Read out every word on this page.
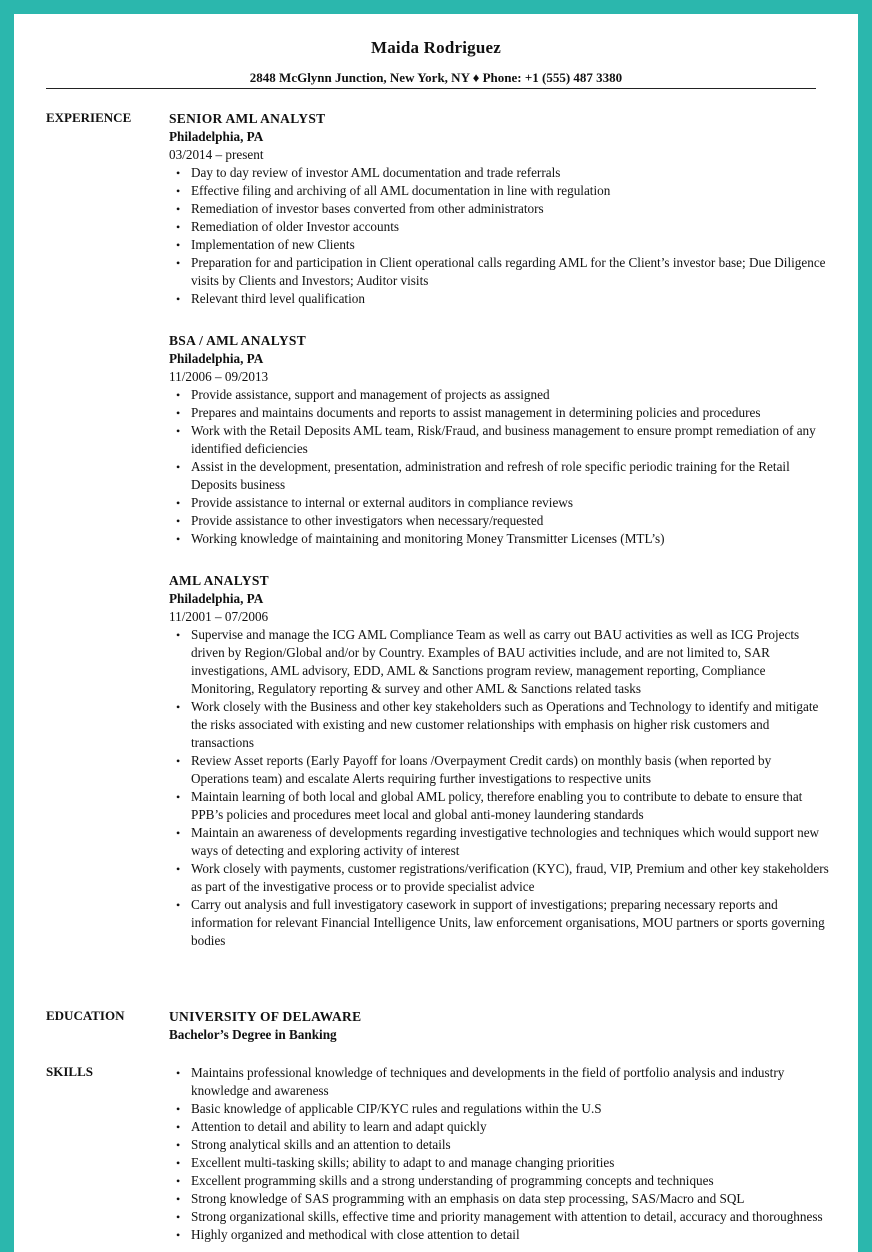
Maida Rodriguez
2848 McGlynn Junction, New York, NY ♦ Phone: +1 (555) 487 3380
EXPERIENCE	SENIOR AML ANALYST
Philadelphia, PA
03/2014 – present
• Day to day review of investor AML documentation and trade referrals
• Effective filing and archiving of all AML documentation in line with regulation
• Remediation of investor bases converted from other administrators
• Remediation of older Investor accounts
• Implementation of new Clients
• Preparation for and participation in Client operational calls regarding AML for the Client’s investor base; Due Diligence visits by Clients and Investors; Auditor visits
• Relevant third level qualification
BSA / AML ANALYST
Philadelphia, PA
11/2006 – 09/2013
• Provide assistance, support and management of projects as assigned
• Prepares and maintains documents and reports to assist management in determining policies and procedures
• Work with the Retail Deposits AML team, Risk/Fraud, and business management to ensure prompt remediation of any identified deficiencies
• Assist in the development, presentation, administration and refresh of role specific periodic training for the Retail Deposits business
• Provide assistance to internal or external auditors in compliance reviews
• Provide assistance to other investigators when necessary/requested
• Working knowledge of maintaining and monitoring Money Transmitter Licenses (MTL’s)
AML ANALYST
Philadelphia, PA
11/2001 – 07/2006
• Supervise and manage the ICG AML Compliance Team as well as carry out BAU activities as well as ICG Projects driven by Region/Global and/or by Country. Examples of BAU activities include, and are not limited to, SAR investigations, AML advisory, EDD, AML & Sanctions program review, management reporting, Compliance Monitoring, Regulatory reporting & survey and other AML & Sanctions related tasks
• Work closely with the Business and other key stakeholders such as Operations and Technology to identify and mitigate the risks associated with existing and new customer relationships with emphasis on higher risk customers and transactions
• Review Asset reports (Early Payoff for loans /Overpayment Credit cards) on monthly basis (when reported by Operations team) and escalate Alerts requiring further investigations to respective units
• Maintain learning of both local and global AML policy, therefore enabling you to contribute to debate to ensure that PPB’s policies and procedures meet local and global anti-money laundering standards
• Maintain an awareness of developments regarding investigative technologies and techniques which would support new ways of detecting and exploring activity of interest
• Work closely with payments, customer registrations/verification (KYC), fraud, VIP, Premium and other key stakeholders as part of the investigative process or to provide specialist advice
• Carry out analysis and full investigatory casework in support of investigations; preparing necessary reports and information for relevant Financial Intelligence Units, law enforcement organisations, MOU partners or sports governing bodies
EDUCATION	UNIVERSITY OF DELAWARE
Bachelor’s Degree in Banking
SKILLS
•	Maintains professional knowledge of techniques and developments in the field of portfolio analysis and industry knowledge and awareness
• Basic knowledge of applicable CIP/KYC rules and regulations within the U.S
• Attention to detail and ability to learn and adapt quickly
• Strong analytical skills and an attention to details
• Excellent multi-tasking skills; ability to adapt to and manage changing priorities
• Excellent programming skills and a strong understanding of programming concepts and techniques
• Strong knowledge of SAS programming with an emphasis on data step processing, SAS/Macro and SQL
• Strong organizational skills, effective time and priority management with attention to detail, accuracy and thoroughness
• Highly organized and methodical with close attention to detail
